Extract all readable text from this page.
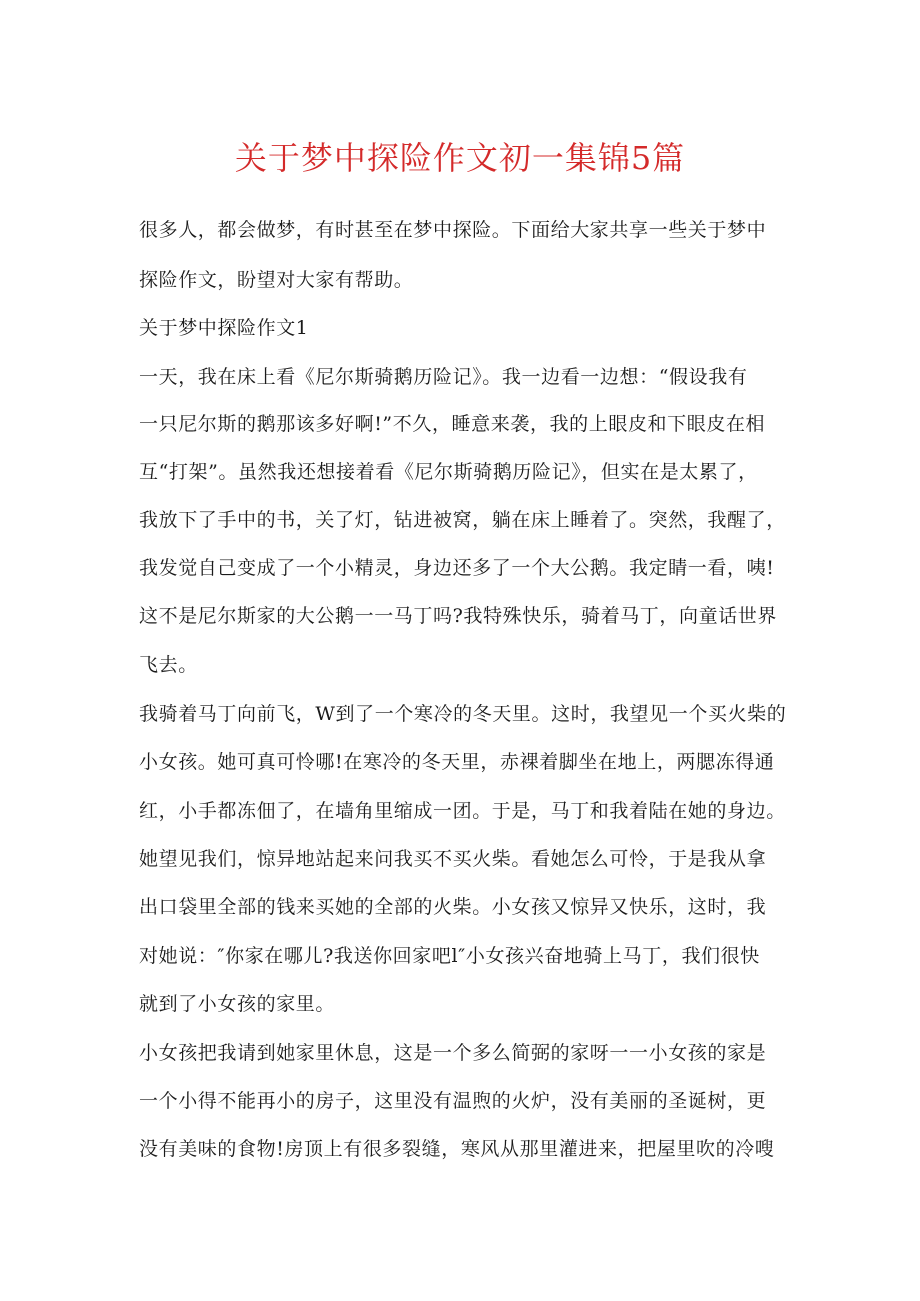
关于梦中探险作文初一集锦5篇
很多人，都会做梦，有时甚至在梦中探险。下面给大家共享一些关于梦中
探险作文，盼望对大家有帮助。
关于梦中探险作文1
一天，我在床上看《尼尔斯骑鹅历险记》。我一边看一边想：“假设我有
一只尼尔斯的鹅那该多好啊!”不久，睡意来袭，我的上眼皮和下眼皮在相
互“打架”。虽然我还想接着看《尼尔斯骑鹅历险记》，但实在是太累了，
我放下了手中的书，关了灯，钻进被窝，躺在床上睡着了。突然，我醒了，
我发觉自己变成了一个小精灵，身边还多了一个大公鹅。我定睛一看，咦!
这不是尼尔斯家的大公鹅一一马丁吗?我特殊快乐，骑着马丁，向童话世界
飞去。
我骑着马丁向前飞，W到了一个寒冷的冬天里。这时，我望见一个买火柴的
小女孩。她可真可怜哪!在寒冷的冬天里，赤裸着脚坐在地上，两腮冻得通
红，小手都冻佃了，在墙角里缩成一团。于是，马丁和我着陆在她的身边。
她望见我们，惊异地站起来问我买不买火柴。看她怎么可怜，于是我从拿
出口袋里全部的钱来买她的全部的火柴。小女孩又惊异又快乐，这时，我
对她说：″你家在哪儿?我送你回家吧l″小女孩兴奋地骑上马丁，我们很快
就到了小女孩的家里。
小女孩把我请到她家里休息，这是一个多么简弼的家呀一一小女孩的家是
一个小得不能再小的房子，这里没有温煦的火炉，没有美丽的圣诞树，更
没有美味的食物!房顶上有很多裂缝，寒风从那里灌进来，把屋里吹的冷嗖
